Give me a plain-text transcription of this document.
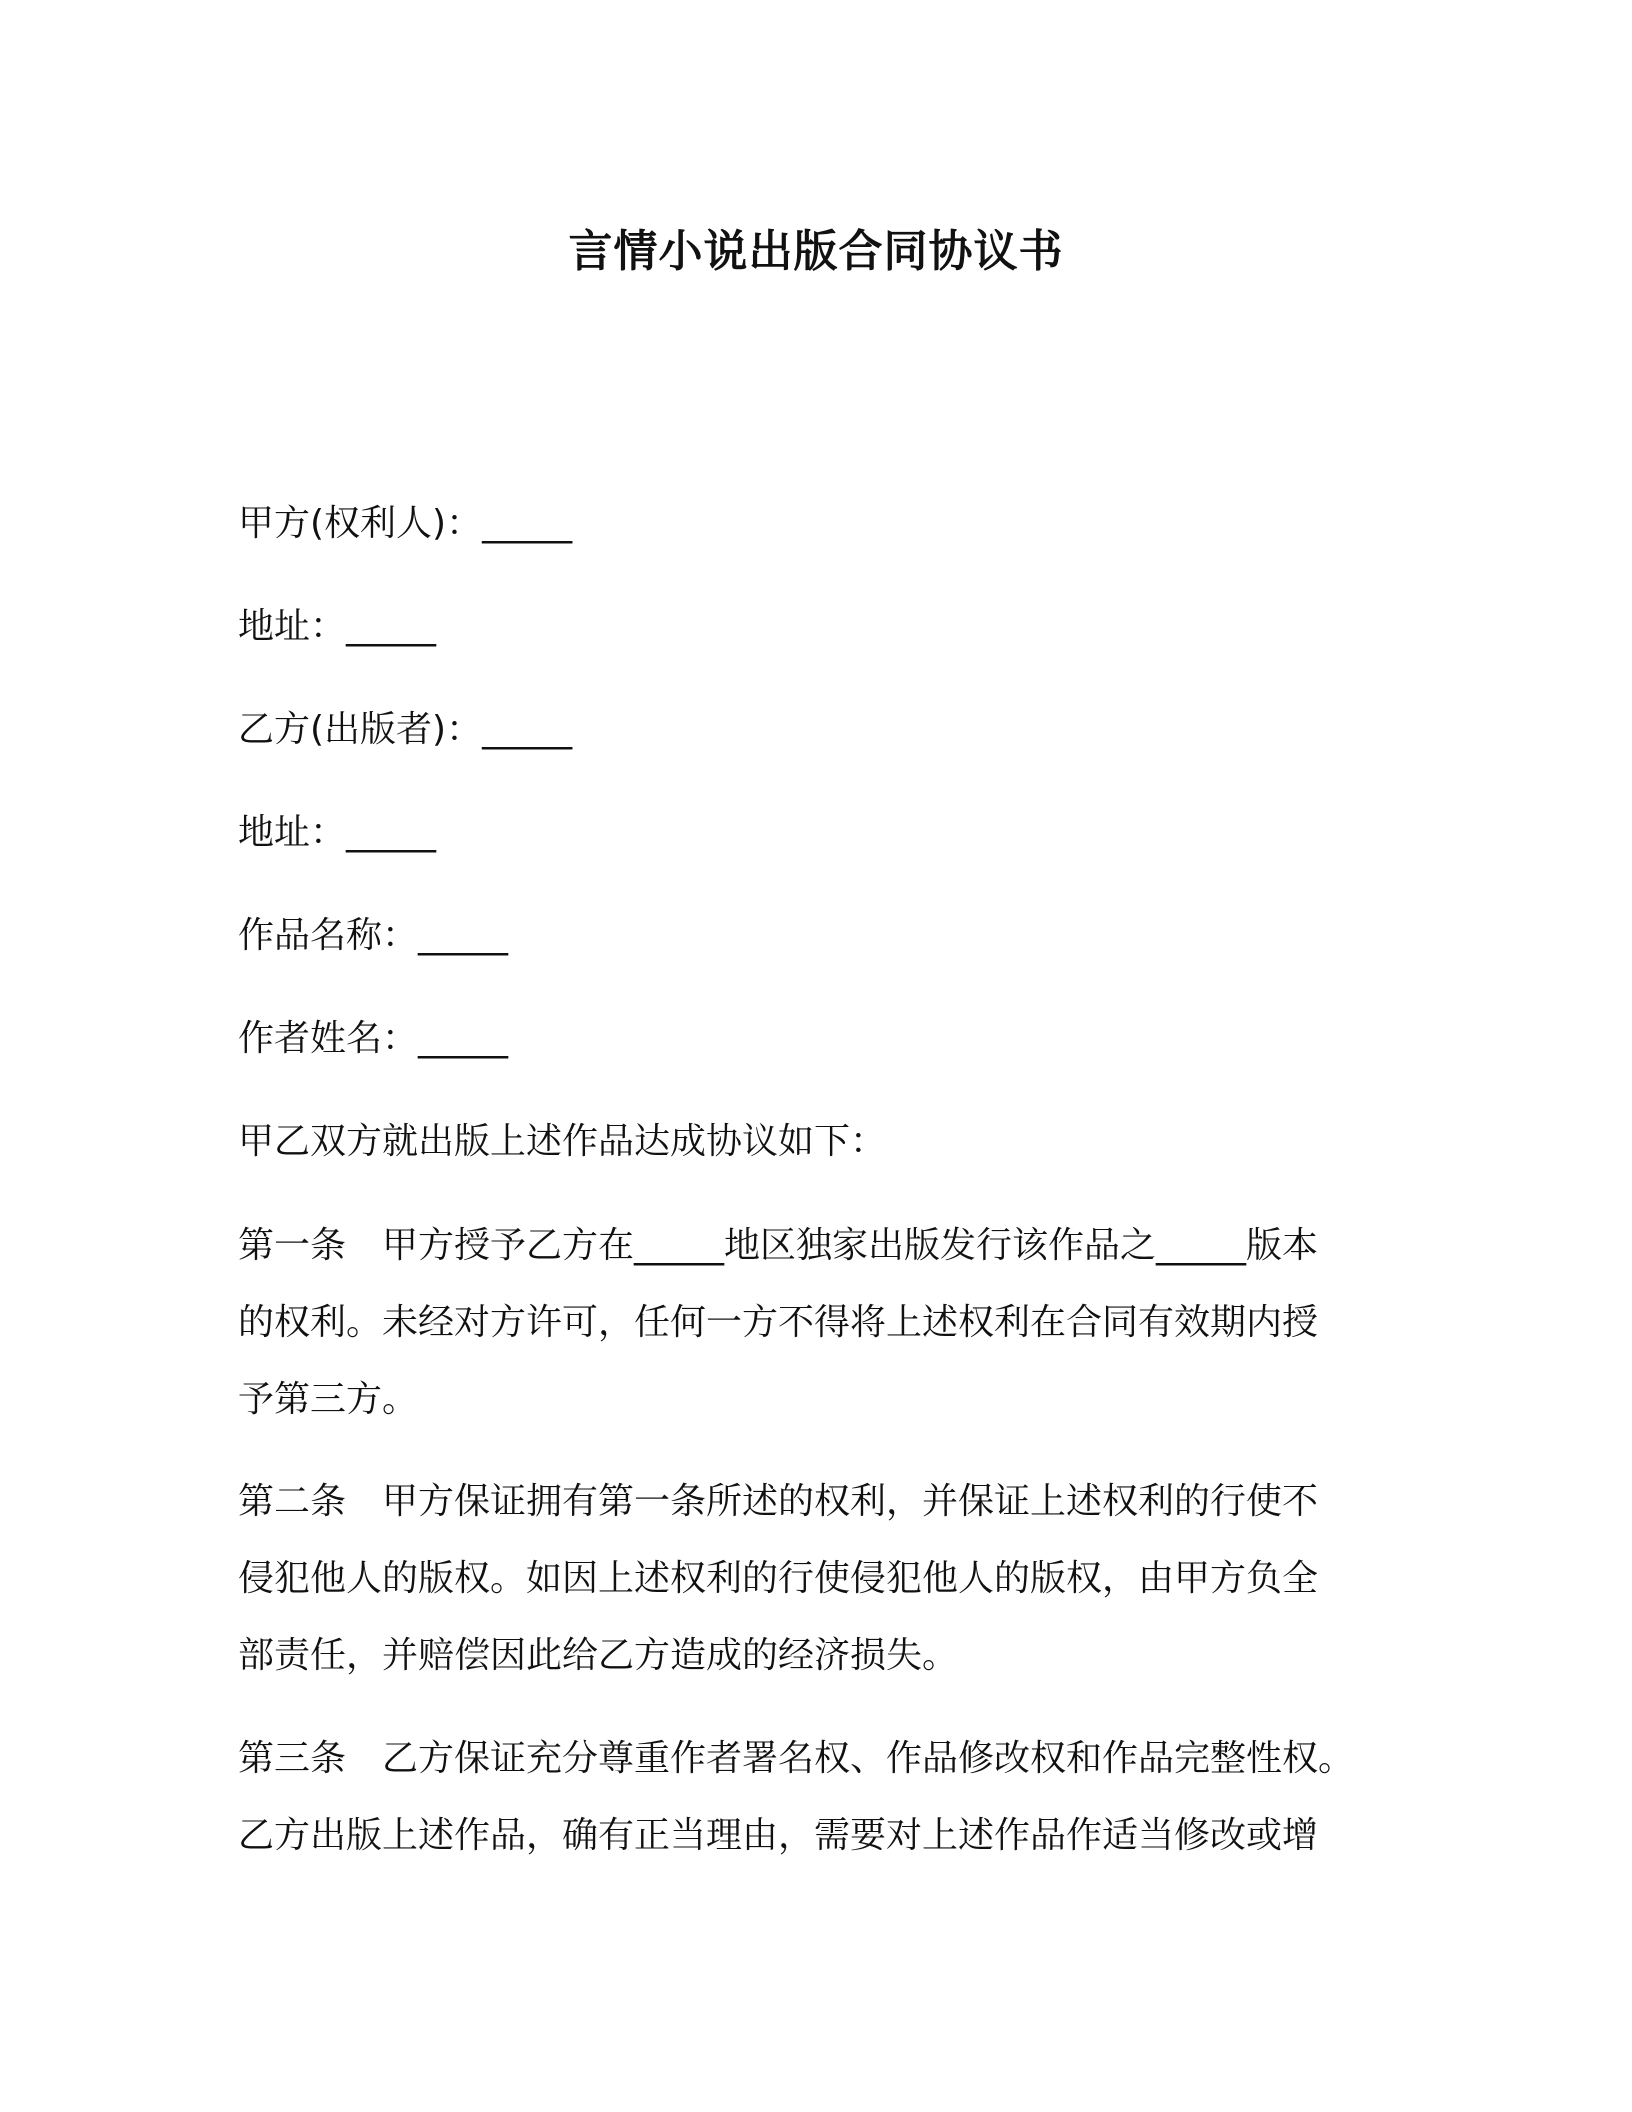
言情小说出版合同协议书
甲方(权利人)：_____
地址：_____
乙方(出版者)：_____
地址：_____
作品名称：_____
作者姓名：_____
甲乙双方就出版上述作品达成协议如下：
第一条　甲方授予乙方在_____地区独家出版发行该作品之_____版本
的权利。未经对方许可，任何一方不得将上述权利在合同有效期内授
予第三方。
第二条　甲方保证拥有第一条所述的权利，并保证上述权利的行使不
侵犯他人的版权。如因上述权利的行使侵犯他人的版权，由甲方负全
部责任，并赔偿因此给乙方造成的经济损失。
第三条　乙方保证充分尊重作者署名权、作品修改权和作品完整性权。
乙方出版上述作品，确有正当理由，需要对上述作品作适当修改或增
